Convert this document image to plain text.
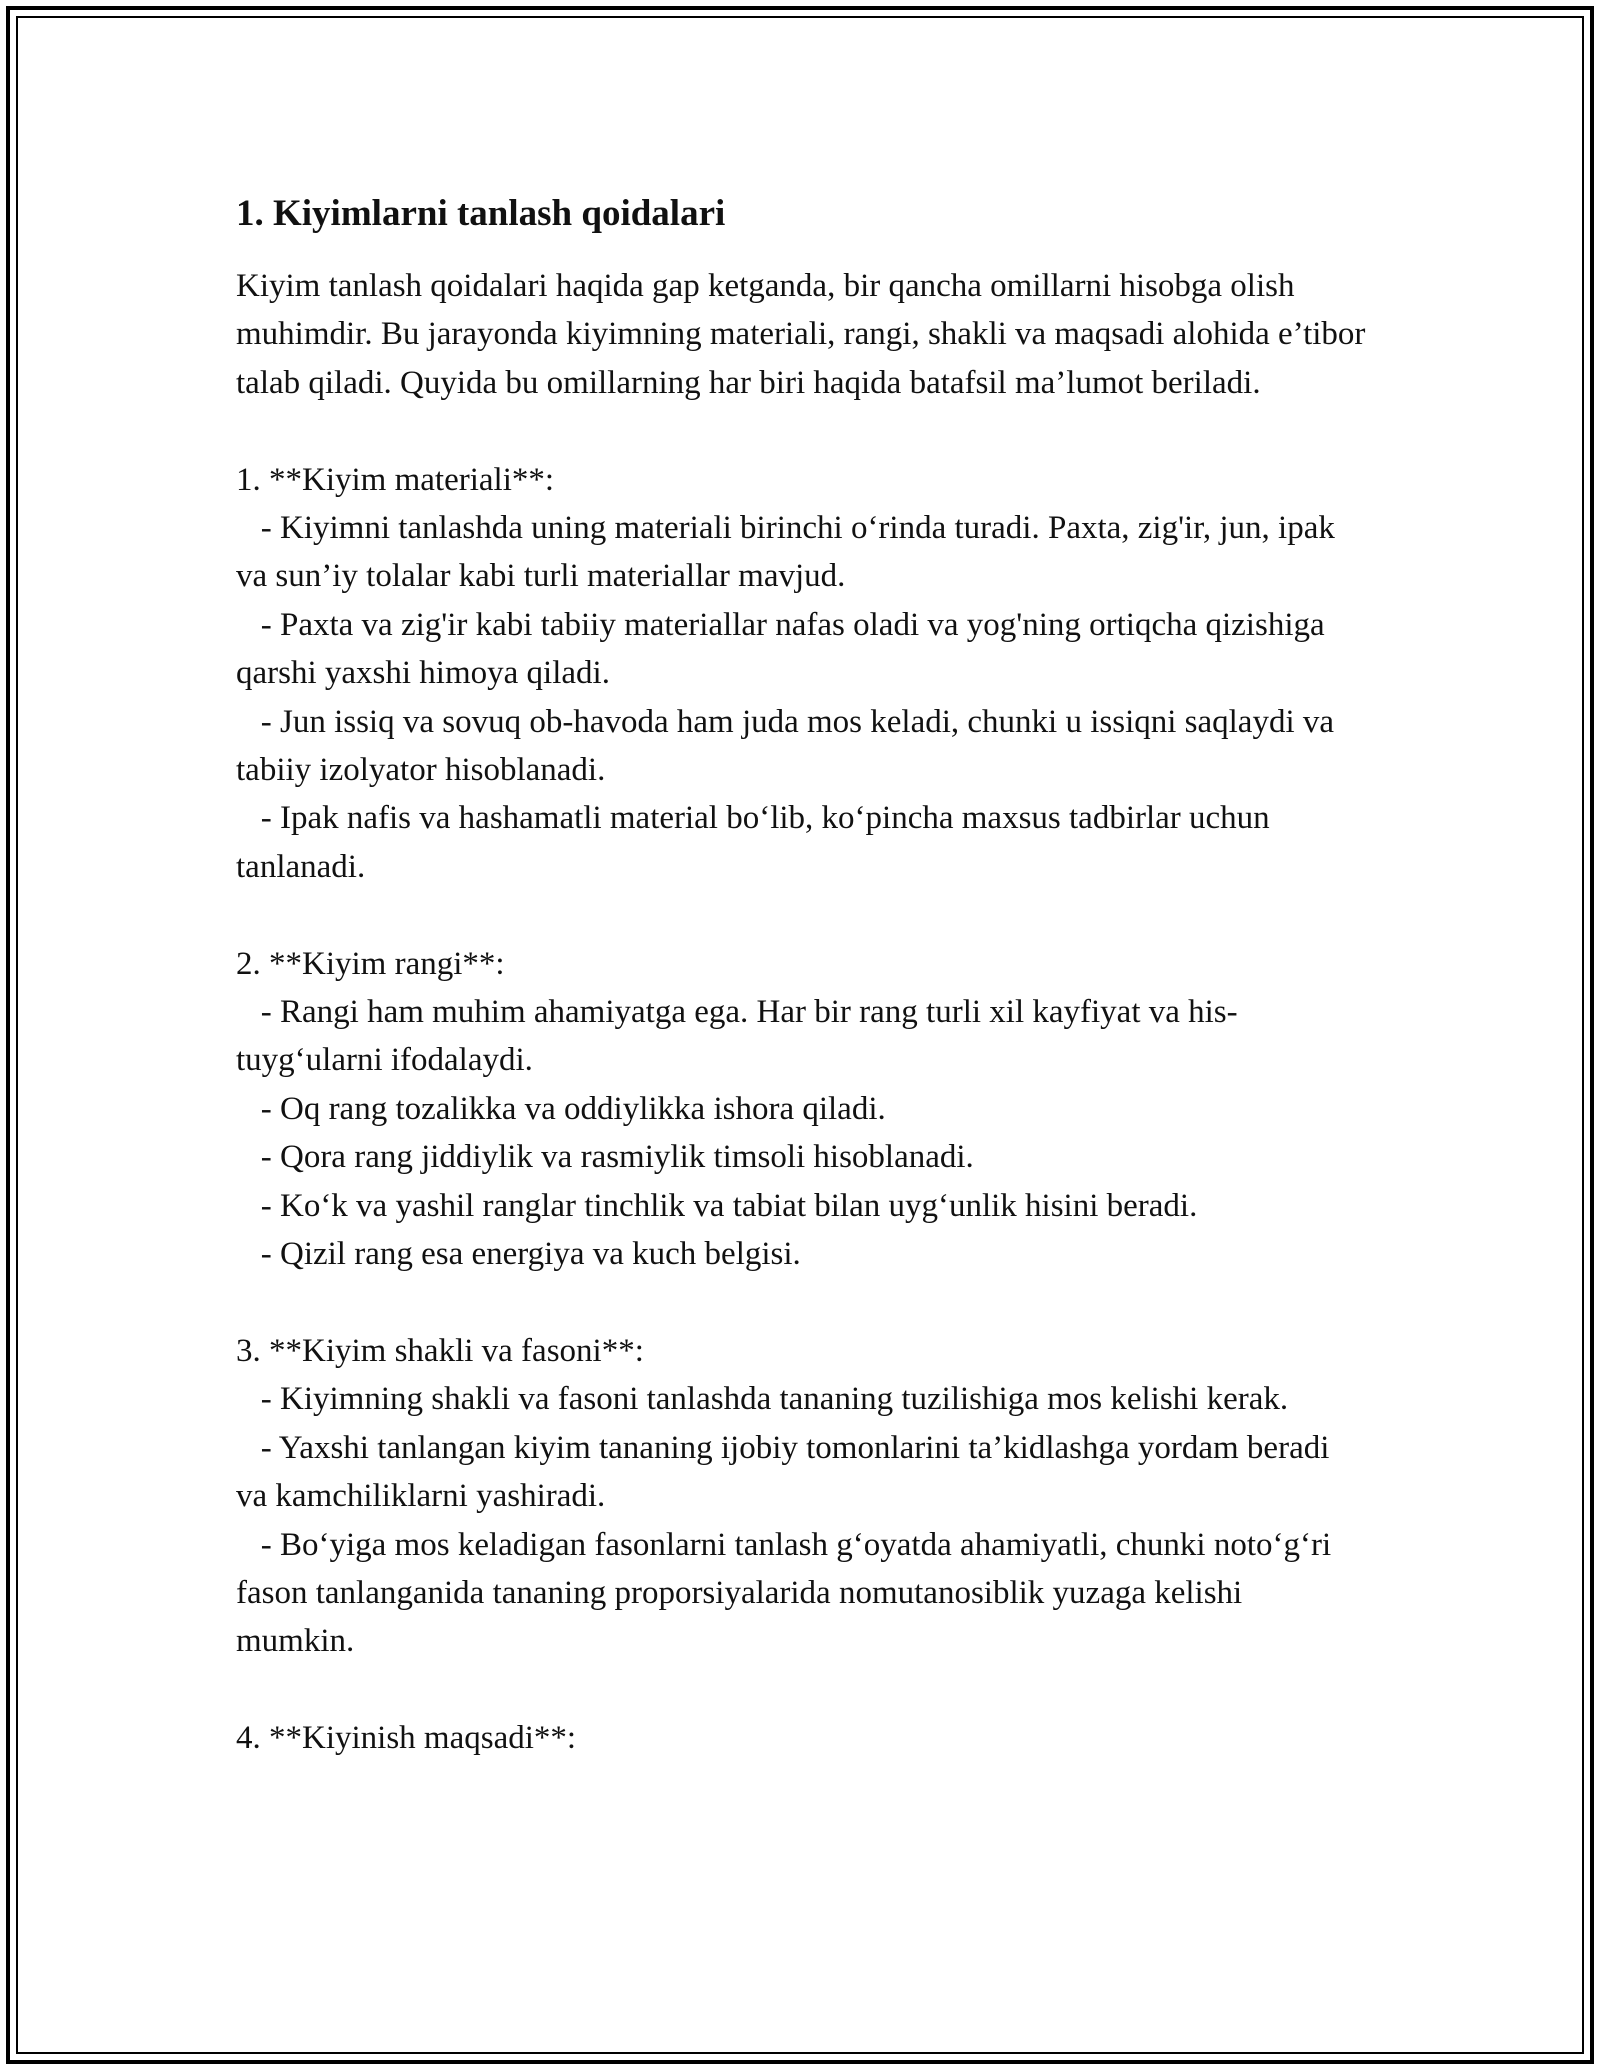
1. Kiyimlarni tanlash qoidalari

Kiyim tanlash qoidalari haqida gap ketganda, bir qancha omillarni hisobga olish muhimdir. Bu jarayonda kiyimning materiali, rangi, shakli va maqsadi alohida e’tibor talab qiladi. Quyida bu omillarning har biri haqida batafsil ma’lumot beriladi.

1. **Kiyim materiali**:

- Kiyimni tanlashda uning materiali birinchi o‘rinda turadi. Paxta, zig'ir, jun, ipak va sun’iy tolalar kabi turli materiallar mavjud.

- Paxta va zig'ir kabi tabiiy materiallar nafas oladi va yog'ning ortiqcha qizishiga qarshi yaxshi himoya qiladi.

- Jun issiq va sovuq ob-havoda ham juda mos keladi, chunki u issiqni saqlaydi va tabiiy izolyator hisoblanadi.

- Ipak nafis va hashamatli material bo‘lib, ko‘pincha maxsus tadbirlar uchun tanlanadi.

2. **Kiyim rangi**:

- Rangi ham muhim ahamiyatga ega. Har bir rang turli xil kayfiyat va his-tuyg‘ularni ifodalaydi.

- Oq rang tozalikka va oddiylikka ishora qiladi.

- Qora rang jiddiylik va rasmiylik timsoli hisoblanadi.

- Ko‘k va yashil ranglar tinchlik va tabiat bilan uyg‘unlik hisini beradi.

- Qizil rang esa energiya va kuch belgisi.

3. **Kiyim shakli va fasoni**:

- Kiyimning shakli va fasoni tanlashda tananing tuzilishiga mos kelishi kerak.

- Yaxshi tanlangan kiyim tananing ijobiy tomonlarini ta’kidlashga yordam beradi va kamchiliklarni yashiradi.

- Bo‘yiga mos keladigan fasonlarni tanlash g‘oyatda ahamiyatli, chunki noto‘g‘ri fason tanlanganida tananing proporsiyalarida nomutanosiblik yuzaga kelishi mumkin.

4. **Kiyinish maqsadi**:
